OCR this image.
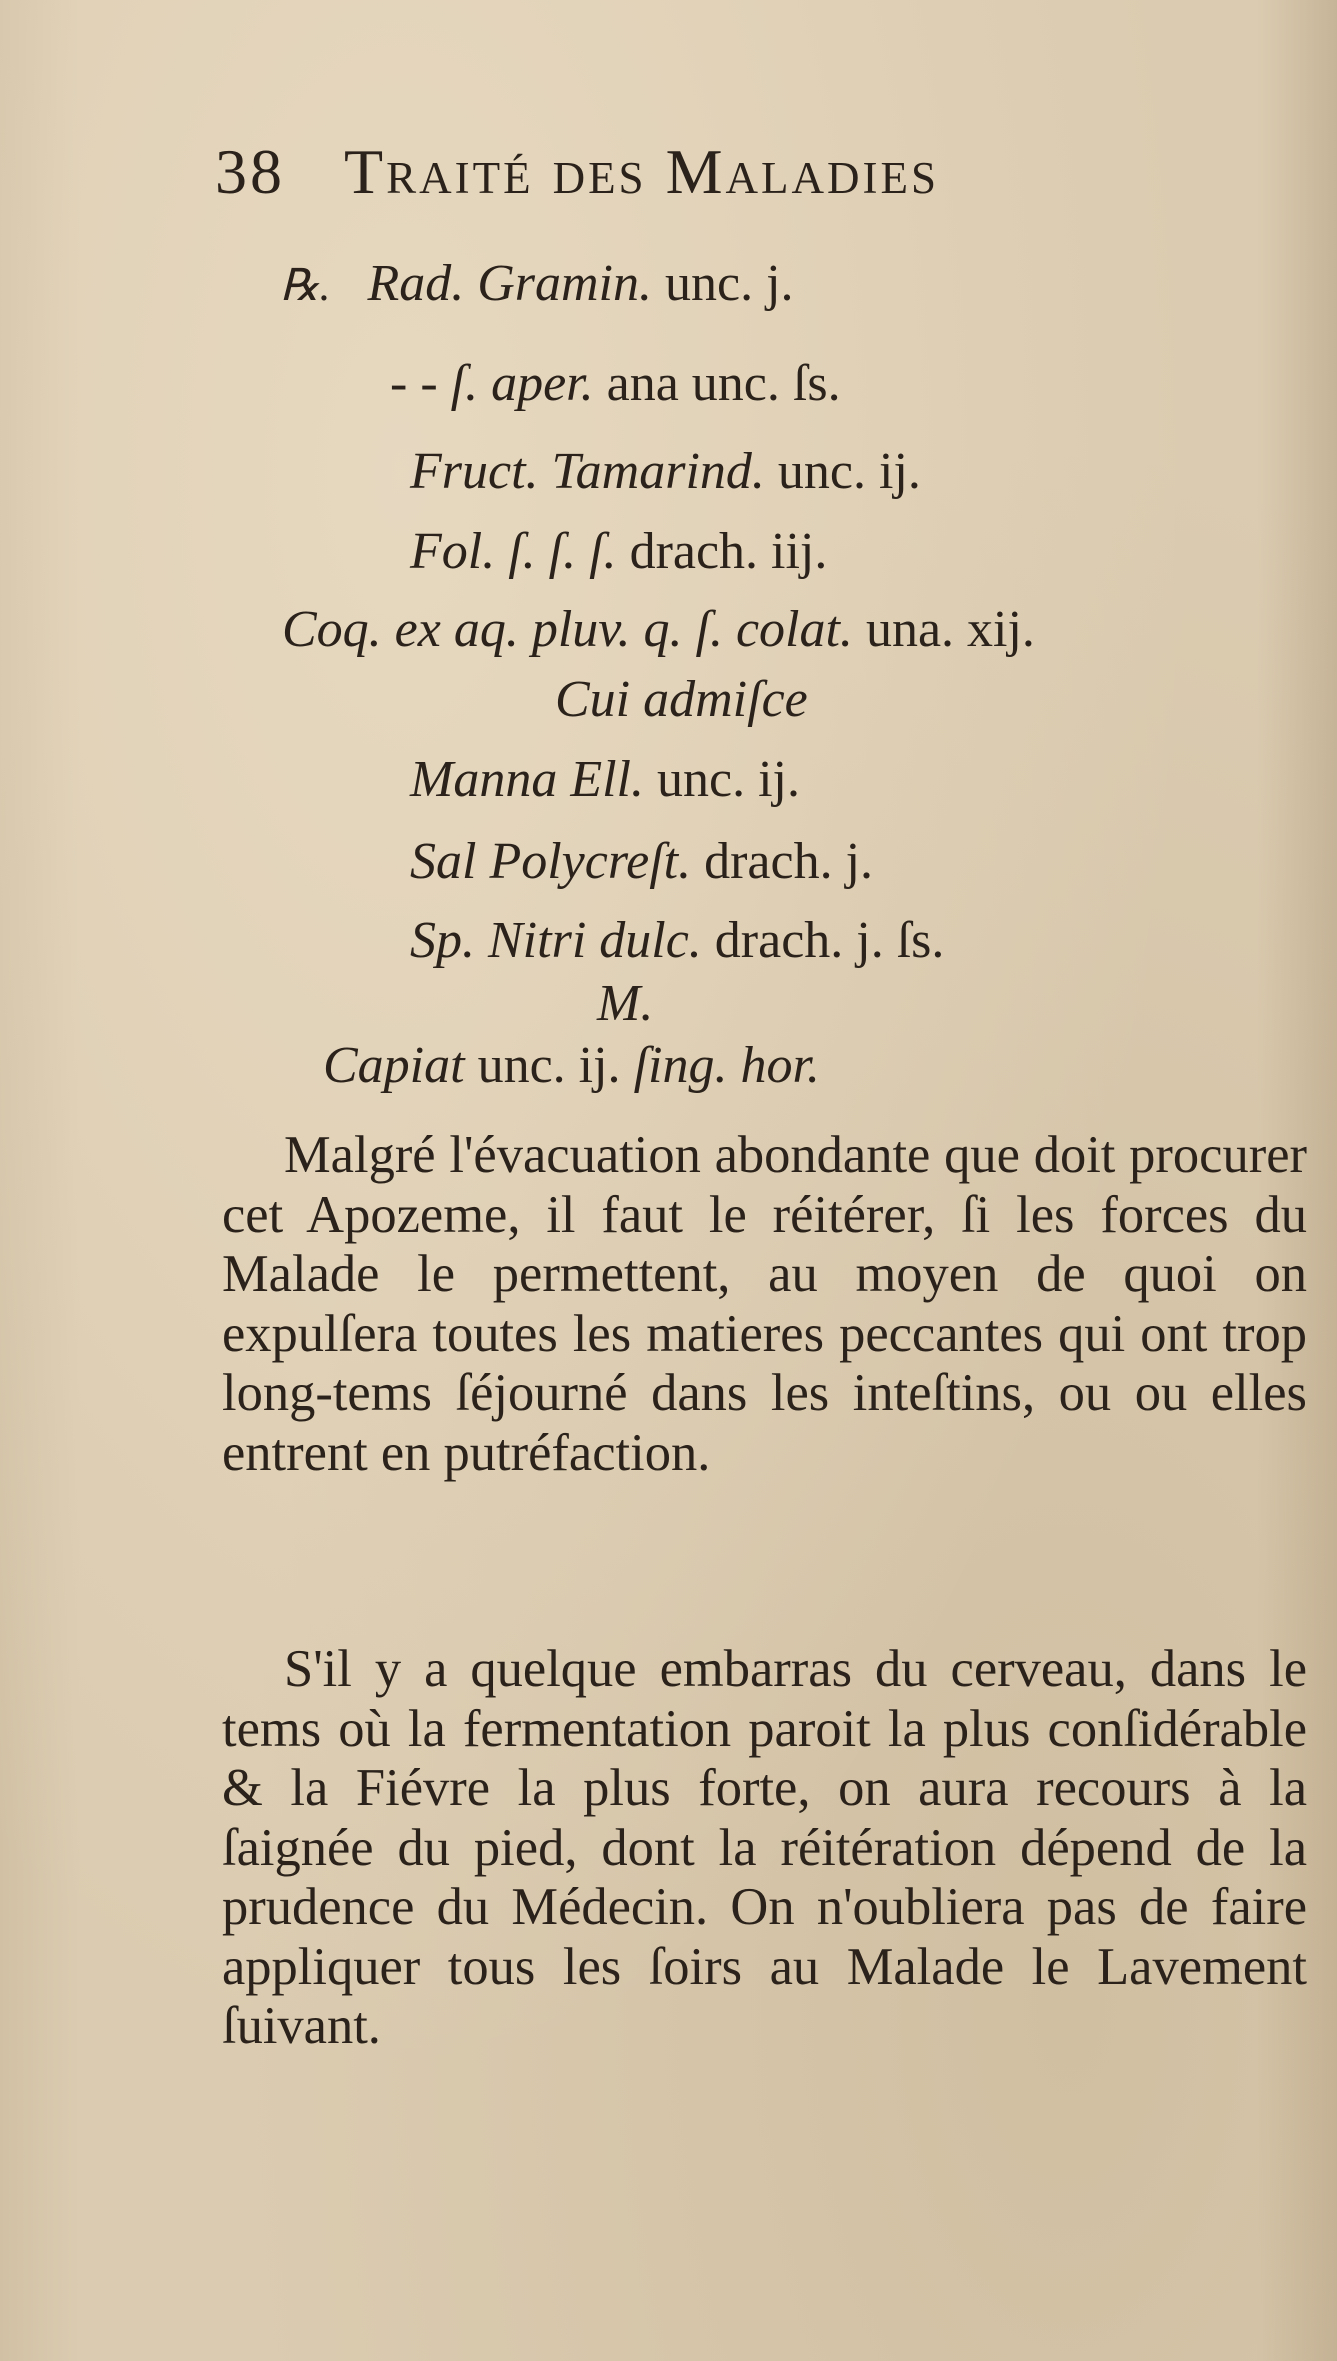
38 Traité des Maladies
℞. Rad. Gramin. unc. j.
- - ſ. aper. ana unc. ſs.
Fruct. Tamarind. unc. ij.
Fol. ſ. ſ. ſ. drach. iij.
Coq. ex aq. pluv. q. ſ. colat. una. xij.
Cui admiſce
Manna Ell. unc. ij.
Sal Polycreſt. drach. j.
Sp. Nitri dulc. drach. j. ſs.
M.
Capiat unc. ij. ſing. hor.

Malgré l'évacuation abondante que doit procurer cet Apozeme, il faut le réitérer, ſi les forces du Malade le permettent, au moyen de quoi on expulſera toutes les matieres peccantes qui ont trop long-tems ſéjourné dans les inteſtins, ou ou elles entrent en putréfaction.

S'il y a quelque embarras du cerveau, dans le tems où la fermentation paroit la plus conſidérable & la Fiévre la plus forte, on aura recours à la ſaignée du pied, dont la réitération dépend de la prudence du Médecin. On n'oubliera pas de faire appliquer tous les ſoirs au Malade le Lavement ſuivant.
